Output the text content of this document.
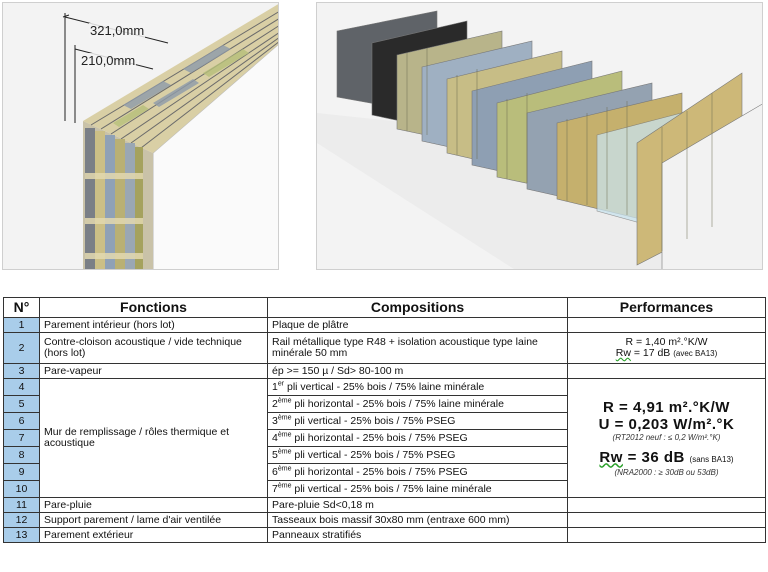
321,0mm
210,0mm
N°	Fonctions	Compositions	Performances
1	Parement intérieur (hors lot)	Plaque de plâtre	
2	Contre-cloison acoustique / vide technique (hors lot)	Rail métallique type R48 + isolation acoustique type laine minérale 50 mm	R = 1,40 m².°K/W
Rw = 17 dB (avec BA13)

3	Pare-vapeur	ép >= 150 µ / Sd> 80-100 m	
4	Mur de remplissage / rôles thermique et acoustique	1er pli vertical - 25% bois / 75% laine minérale	R = 4,91 m².°K/W
U = 0,203 W/m².°K
(RT2012 neuf : ≤ 0,2 W/m².°K)
Rw = 36 dB (sans BA13)
(NRA2000 : ≥ 30dB ou 53dB)

5		2ème pli horizontal - 25% bois / 75% laine minérale	
6		3ème pli vertical - 25% bois / 75% PSEG	
7		4ème pli horizontal - 25% bois / 75% PSEG	
8		5ème pli vertical - 25% bois / 75% PSEG	
9		6ème pli horizontal - 25% bois / 75% PSEG	
10		7ème pli vertical - 25% bois / 75% laine minérale	
11	Pare-pluie	Pare-pluie Sd<0,18 m	
12	Support parement / lame d'air ventilée	Tasseaux bois massif 30x80 mm (entraxe 600 mm)	
13	Parement extérieur	Panneaux stratifiés	
